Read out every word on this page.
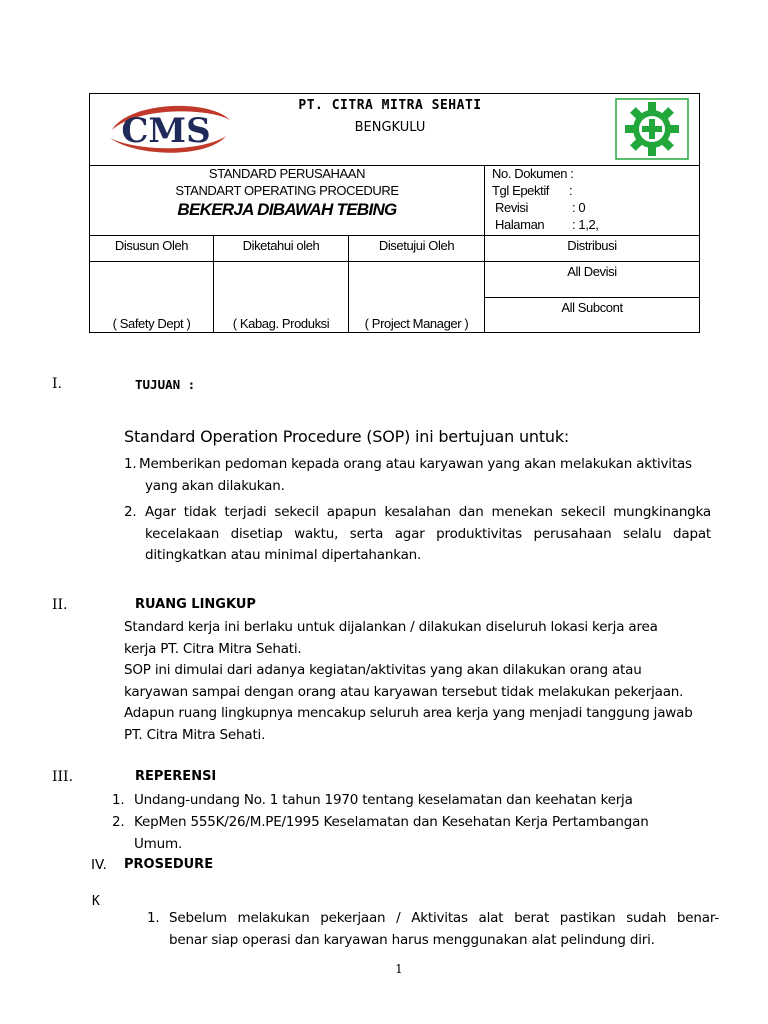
CMS
PT. CITRA MITRA SEHATI
BENGKULU
STANDARD PERUSAHAAN
STANDART OPERATING PROCEDURE
BEKERJA DIBAWAH TEBING
No. Dokumen :
Tgl Epektif :
Revisi	: 0
Halaman : 1,2,
Disusun Oleh	Diketahui oleh	Disetujui Oleh	Distribusi
( Safety Dept )	( Kabag. Produksi	( Project Manager )
All Devisi
All Subcont
I.	TUJUAN :
Standard Operation Procedure (SOP) ini bertujuan untuk:
1. Memberikan pedoman kepada orang atau karyawan yang akan melakukan aktivitas
yang akan dilakukan.
2. Agar tidak terjadi sekecil apapun kesalahan dan menekan sekecil mungkinangka
kecelakaan disetiap waktu, serta agar produktivitas perusahaan selalu dapat
ditingkatkan atau minimal dipertahankan.
II.	RUANG LINGKUP
Standard kerja ini berlaku untuk dijalankan / dilakukan diseluruh lokasi kerja area
kerja PT. Citra Mitra Sehati.
SOP ini dimulai dari adanya kegiatan/aktivitas yang akan dilakukan orang atau
karyawan sampai dengan orang atau karyawan tersebut tidak melakukan pekerjaan.
Adapun ruang lingkupnya mencakup seluruh area kerja yang menjadi tanggung jawab
PT. Citra Mitra Sehati.
III.	REPERENSI
1. Undang-undang No. 1 tahun 1970 tentang keselamatan dan keehatan kerja
2. KepMen 555K/26/M.PE/1995 Keselamatan dan Kesehatan Kerja Pertambangan
Umum.
IV. PROSEDURE
K
1. Sebelum melakukan pekerjaan / Aktivitas alat berat pastikan sudah benar-
benar siap operasi dan karyawan harus menggunakan alat pelindung diri.
1
